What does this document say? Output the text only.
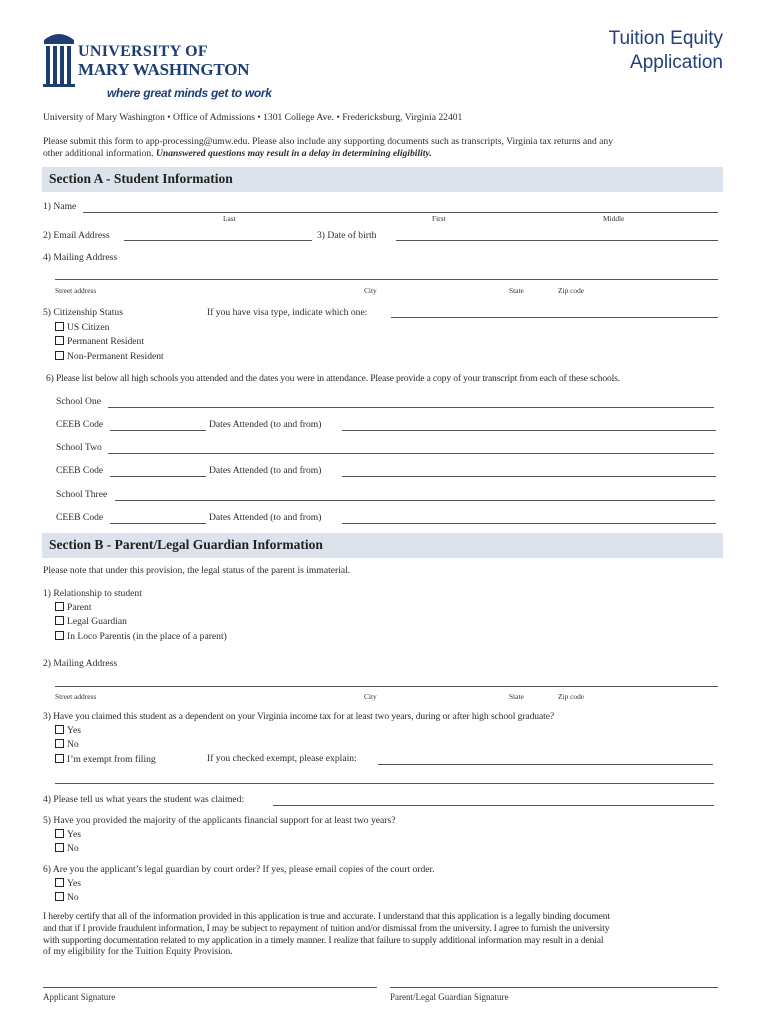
UNIVERSITY OF
MARY WASHINGTON
where great minds get to work
Tuition Equity
Application
University of Mary Washington • Office of Admissions • 1301 College Ave. • Fredericksburg, Virginia 22401
Please submit this form to app-processing@umw.edu. Please also include any supporting documents such as transcripts, Virginia tax returns and any
other additional information. Unanswered questions may result in a delay in determining eligibility.
Section A - Student Information
1) Name
Last	First	Middle
2) Email Address	3) Date of birth
4) Mailing Address
Street address	City	State	Zip code
5) Citizenship Status
US Citizen
Permanent Resident
Non-Permanent Resident
If you have visa type, indicate which one:
6) Please list below all high schools you attended and the dates you were in attendance. Please provide a copy of your transcript from each of these schools.
School One
CEEB Code	Dates Attended (to and from)
School Two
CEEB Code	Dates Attended (to and from)
School Three
CEEB Code	Dates Attended (to and from)
Section B - Parent/Legal Guardian Information
Please note that under this provision, the legal status of the parent is immaterial.
1) Relationship to student
Parent
Legal Guardian
In Loco Parentis (in the place of a parent)
2) Mailing Address
Street address	City	State	Zip code
3) Have you claimed this student as a dependent on your Virginia income tax for at least two years, during or after high school graduate?
Yes
No
I’m exempt from filing	If you checked exempt, please explain:
4) Please tell us what years the student was claimed:
5) Have you provided the majority of the applicants financial support for at least two years?
Yes
No
6) Are you the applicant’s legal guardian by court order? If yes, please email copies of the court order.
Yes
No
I hereby certify that all of the information provided in this application is true and accurate. I understand that this application is a legally binding document
and that if I provide fraudulent information, I may be subject to repayment of tuition and/or dismissal from the university. I agree to furnish the university
with supporting documentation related to my application in a timely manner. I realize that failure to supply additional information may result in a denial
of my eligibility for the Tuition Equity Provision.
Applicant Signature	Parent/Legal Guardian Signature
